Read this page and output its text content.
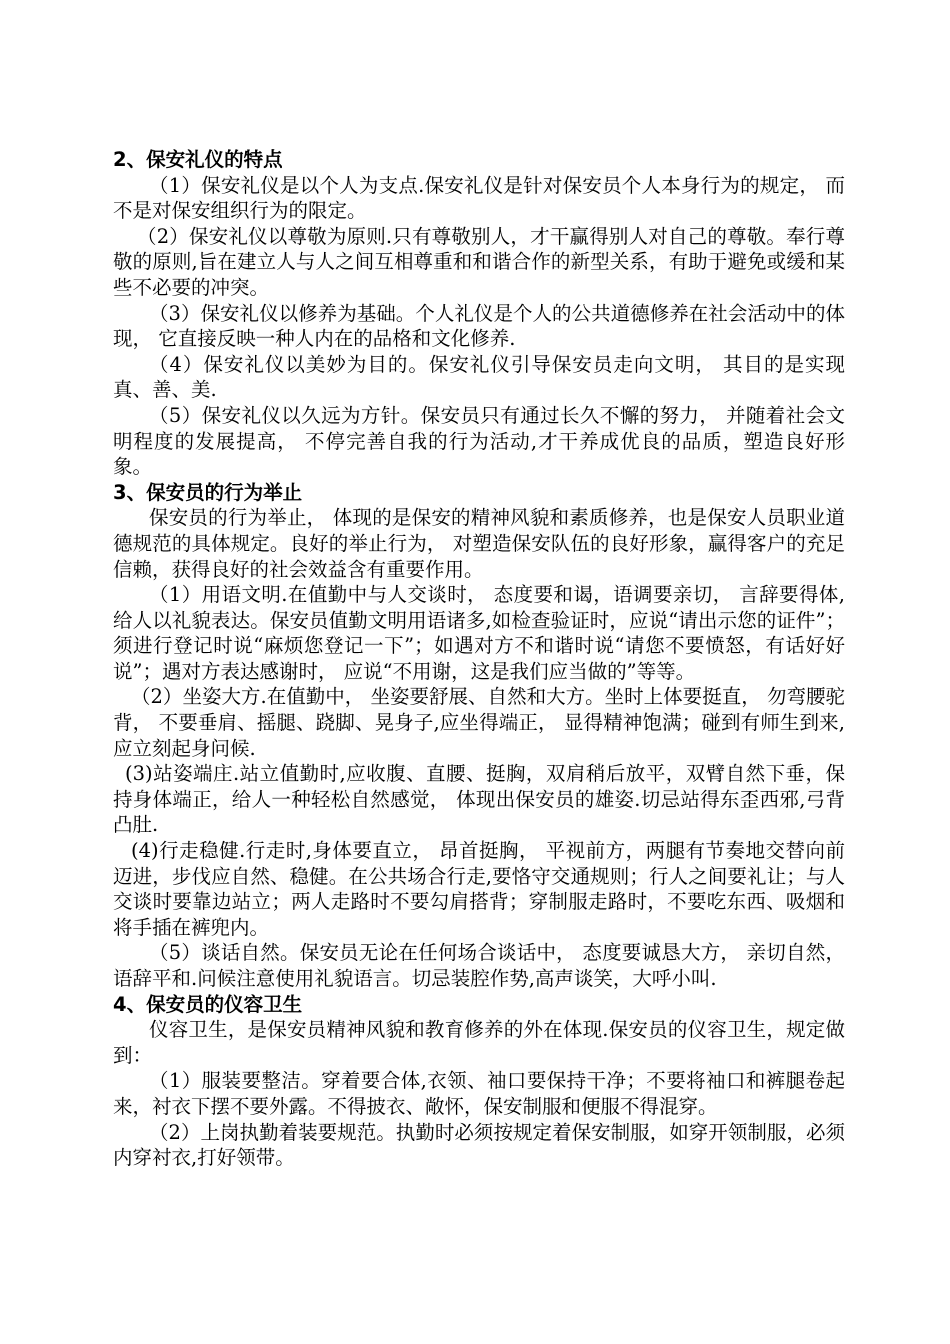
2、保安礼仪的特点

（1）保安礼仪是以个人为支点.保安礼仪是针对保安员个人本身行为的规定， 而不是对保安组织行为的限定。

（2）保安礼仪以尊敬为原则.只有尊敬别人，才干赢得别人对自己的尊敬。奉行尊敬的原则,旨在建立人与人之间互相尊重和和谐合作的新型关系，有助于避免或缓和某些不必要的冲突。

（3）保安礼仪以修养为基础。个人礼仪是个人的公共道德修养在社会活动中的体现， 它直接反映一种人内在的品格和文化修养.

（4）保安礼仪以美妙为目的。保安礼仪引导保安员走向文明， 其目的是实现真、善、美.

（5）保安礼仪以久远为方针。保安员只有通过长久不懈的努力， 并随着社会文明程度的发展提高， 不停完善自我的行为活动,才干养成优良的品质，塑造良好形象。

3、保安员的行为举止

保安员的行为举止， 体现的是保安的精神风貌和素质修养，也是保安人员职业道德规范的具体规定。良好的举止行为， 对塑造保安队伍的良好形象，赢得客户的充足信赖，获得良好的社会效益含有重要作用。

（1）用语文明.在值勤中与人交谈时， 态度要和谒，语调要亲切， 言辞要得体,给人以礼貌表达。保安员值勤文明用语诸多,如检查验证时，应说“请出示您的证件”；须进行登记时说“麻烦您登记一下”；如遇对方不和谐时说“请您不要愤怒，有话好好说”；遇对方表达感谢时， 应说“不用谢，这是我们应当做的”等等。

（2）坐姿大方.在值勤中， 坐姿要舒展、自然和大方。坐时上体要挺直， 勿弯腰驼背， 不要垂肩、摇腿、跷脚、晃身子,应坐得端正， 显得精神饱满；碰到有师生到来,应立刻起身问候.

(3)站姿端庄.站立值勤时,应收腹、直腰、挺胸，双肩稍后放平，双臂自然下垂，保持身体端正，给人一种轻松自然感觉， 体现出保安员的雄姿.切忌站得东歪西邪,弓背凸肚.

(4)行走稳健.行走时,身体要直立， 昂首挺胸， 平视前方，两腿有节奏地交替向前迈进，步伐应自然、稳健。在公共场合行走,要恪守交通规则；行人之间要礼让；与人交谈时要靠边站立；两人走路时不要勾肩搭背；穿制服走路时，不要吃东西、吸烟和将手插在裤兜内。

（5）谈话自然。保安员无论在任何场合谈话中， 态度要诚恳大方， 亲切自然， 语辞平和.问候注意使用礼貌语言。切忌装腔作势,高声谈笑，大呼小叫.

4、保安员的仪容卫生

仪容卫生，是保安员精神风貌和教育修养的外在体现.保安员的仪容卫生，规定做到：

（1）服装要整洁。穿着要合体,衣领、袖口要保持干净；不要将袖口和裤腿卷起来，衬衣下摆不要外露。不得披衣、敞怀，保安制服和便服不得混穿。

（2）上岗执勤着装要规范。执勤时必须按规定着保安制服，如穿开领制服，必须内穿衬衣,打好领带。
